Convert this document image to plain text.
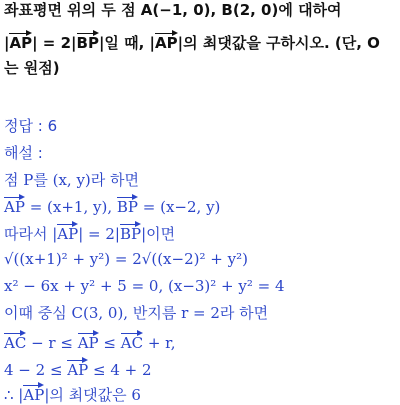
좌표평면 위의 두 점 A(−1, 0), B(2, 0)에 대하여
|AP| = 2|BP|일 때, |AP|의 최댓값을 구하시오. (단, O
는 원점)
정답 : 6
해설 :
점 P를 (x, y)라 하면
AP = (x+1, y), BP = (x−2, y)
따라서 |AP| = 2|BP|이면
√((x+1)² + y²) = 2√((x−2)² + y²)
x² − 6x + y² + 5 = 0, (x−3)² + y² = 4
이때 중심 C(3, 0), 반지름 r = 2라 하면
AC − r ≤ AP ≤ AC + r,
4 − 2 ≤ AP ≤ 4 + 2
∴ |AP|의 최댓값은 6
